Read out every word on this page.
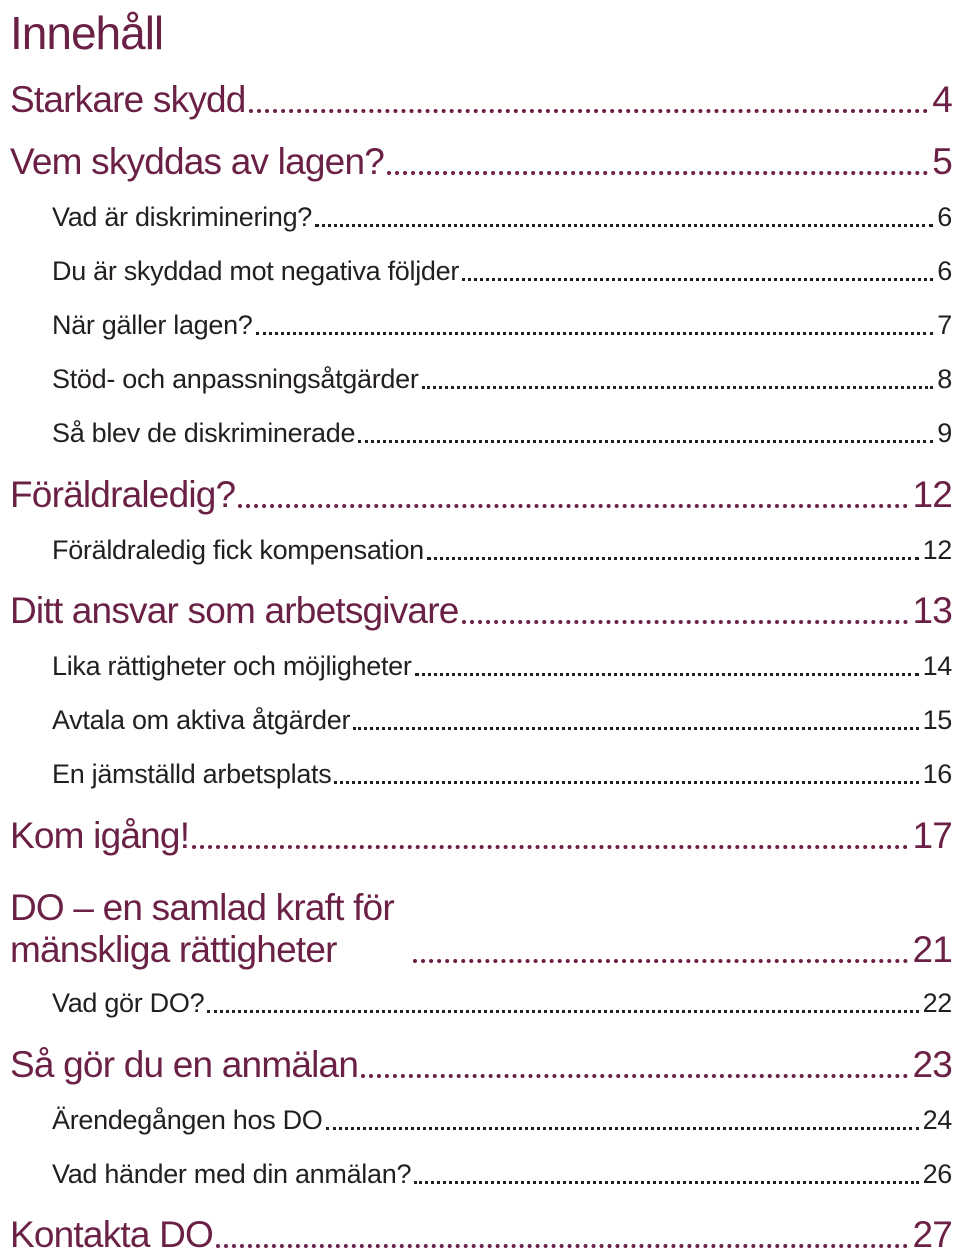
Innehåll
Starkare skydd	4
Vem skyddas av lagen?	5
Vad är diskriminering?	6
Du är skyddad mot negativa följder	6
När gäller lagen?	7
Stöd- och anpassningsåtgärder	8
Så blev de diskriminerade	9
Föräldraledig?	12
Föräldraledig fick kompensation	12
Ditt ansvar som arbetsgivare	13
Lika rättigheter och möjligheter	14
Avtala om aktiva åtgärder	15
En jämställd arbetsplats	16
Kom igång!	17
DO – en samlad kraft för mänskliga rättigheter	21
Vad gör DO?	22
Så gör du en anmälan	23
Ärendegången hos DO	24
Vad händer med din anmälan?	26
Kontakta DO	27
